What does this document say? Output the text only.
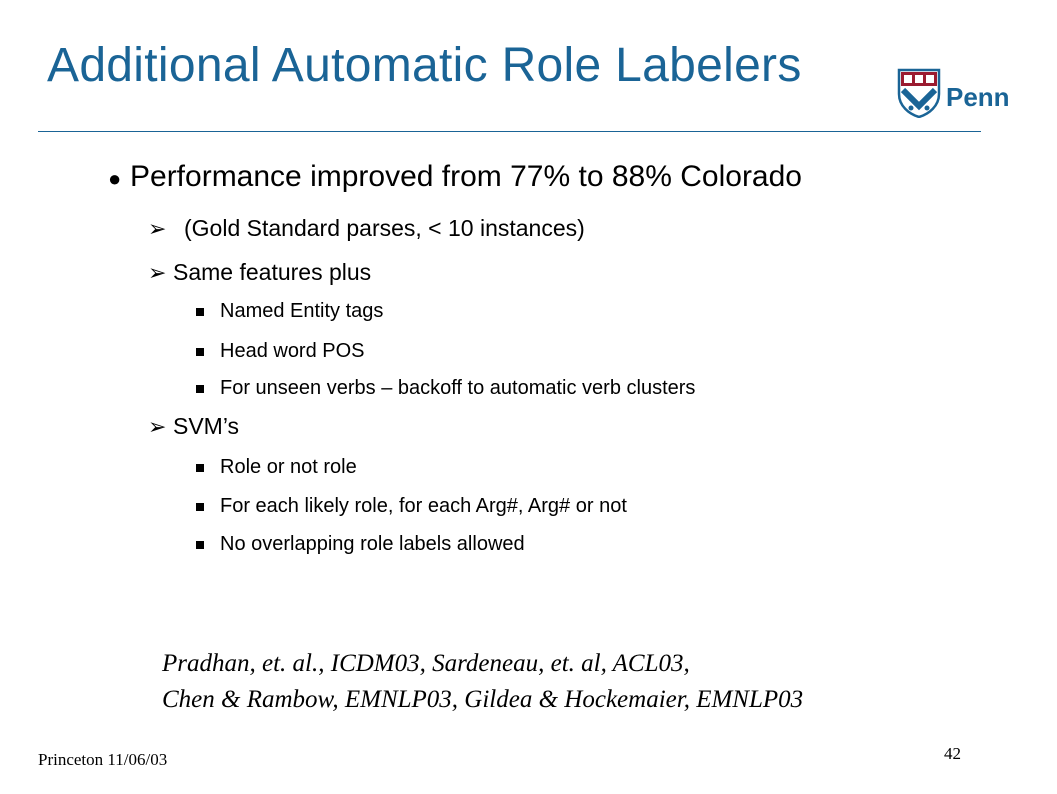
Additional Automatic Role Labelers
Penn
● Performance improved from 77% to 88% Colorado
➢ (Gold Standard parses, < 10 instances)
➢ Same features plus
Named Entity tags
Head word POS
For unseen verbs – backoff to automatic verb clusters
➢ SVM’s
Role or not role
For each likely role, for each Arg#, Arg# or not
No overlapping role labels allowed
Pradhan, et. al., ICDM03, Sardeneau, et. al, ACL03,
Chen & Rambow, EMNLP03, Gildea & Hockemaier, EMNLP03
Princeton 11/06/03	42
